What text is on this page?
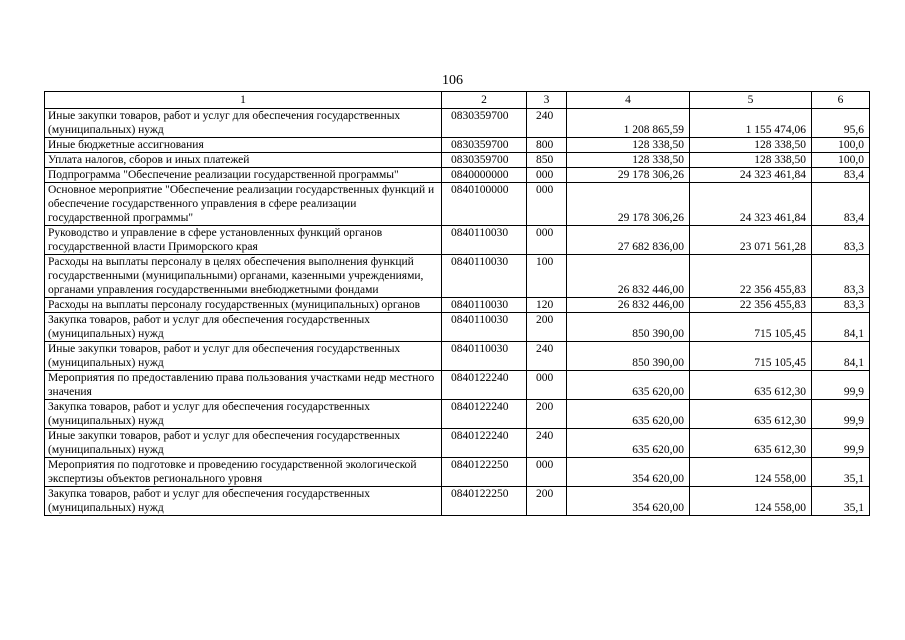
106
1	2	3	4	5	6
Иные закупки товаров, работ и услуг для обеспечения государственных (муниципальных) нужд	0830359700	240	1 208 865,59	1 155 474,06	95,6
Иные бюджетные ассигнования	0830359700	800	128 338,50	128 338,50	100,0
Уплата налогов, сборов и иных платежей	0830359700	850	128 338,50	128 338,50	100,0
Подпрограмма "Обеспечение реализации государственной программы"	0840000000	000	29 178 306,26	24 323 461,84	83,4
Основное мероприятие "Обеспечение реализации государственных функций и обеспечение государственного управления в сфере реализации государственной программы"	0840100000	000	29 178 306,26	24 323 461,84	83,4
Руководство и управление в сфере установленных функций органов государственной власти Приморского края	0840110030	000	27 682 836,00	23 071 561,28	83,3
Расходы на выплаты персоналу в целях обеспечения выполнения функций государственными (муниципальными) органами, казенными учреждениями, органами управления государственными внебюджетными фондами	0840110030	100	26 832 446,00	22 356 455,83	83,3
Расходы на выплаты персоналу государственных (муниципальных) органов	0840110030	120	26 832 446,00	22 356 455,83	83,3
Закупка товаров, работ и услуг для обеспечения государственных (муниципальных) нужд	0840110030	200	850 390,00	715 105,45	84,1
Иные закупки товаров, работ и услуг для обеспечения государственных (муниципальных) нужд	0840110030	240	850 390,00	715 105,45	84,1
Мероприятия по предоставлению права пользования участками недр местного значения	0840122240	000	635 620,00	635 612,30	99,9
Закупка товаров, работ и услуг для обеспечения государственных (муниципальных) нужд	0840122240	200	635 620,00	635 612,30	99,9
Иные закупки товаров, работ и услуг для обеспечения государственных (муниципальных) нужд	0840122240	240	635 620,00	635 612,30	99,9
Мероприятия по подготовке и проведению государственной экологической экспертизы объектов регионального уровня	0840122250	000	354 620,00	124 558,00	35,1
Закупка товаров, работ и услуг для обеспечения государственных (муниципальных) нужд	0840122250	200	354 620,00	124 558,00	35,1
